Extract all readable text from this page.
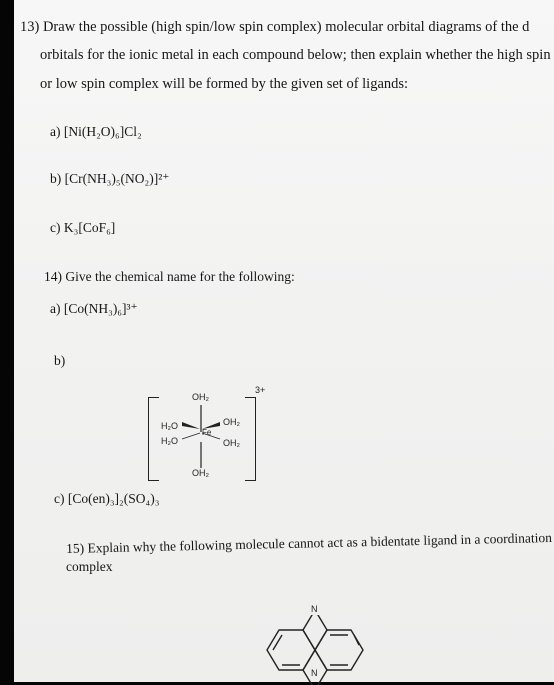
13) Draw the possible (high spin/low spin complex) molecular orbital diagrams of the d
orbitals for the ionic metal in each compound below; then explain whether the high spin
or low spin complex will be formed by the given set of ligands:
a) [Ni(H₂O)₆]Cl₂
b) [Cr(NH₃)₅(NO₂)]²⁺
c) K₃[CoF₆]
14) Give the chemical name for the following:
a) [Co(NH₃)₆]³⁺
b)
3+
OH₂
H₂O	OH₂
Fe
H₂O	OH₂
OH₂
c) [Co(en)₃]₂(SO₄)₃
15) Explain why the following molecule cannot act as a bidentate ligand in a coordination
complex
N
N
